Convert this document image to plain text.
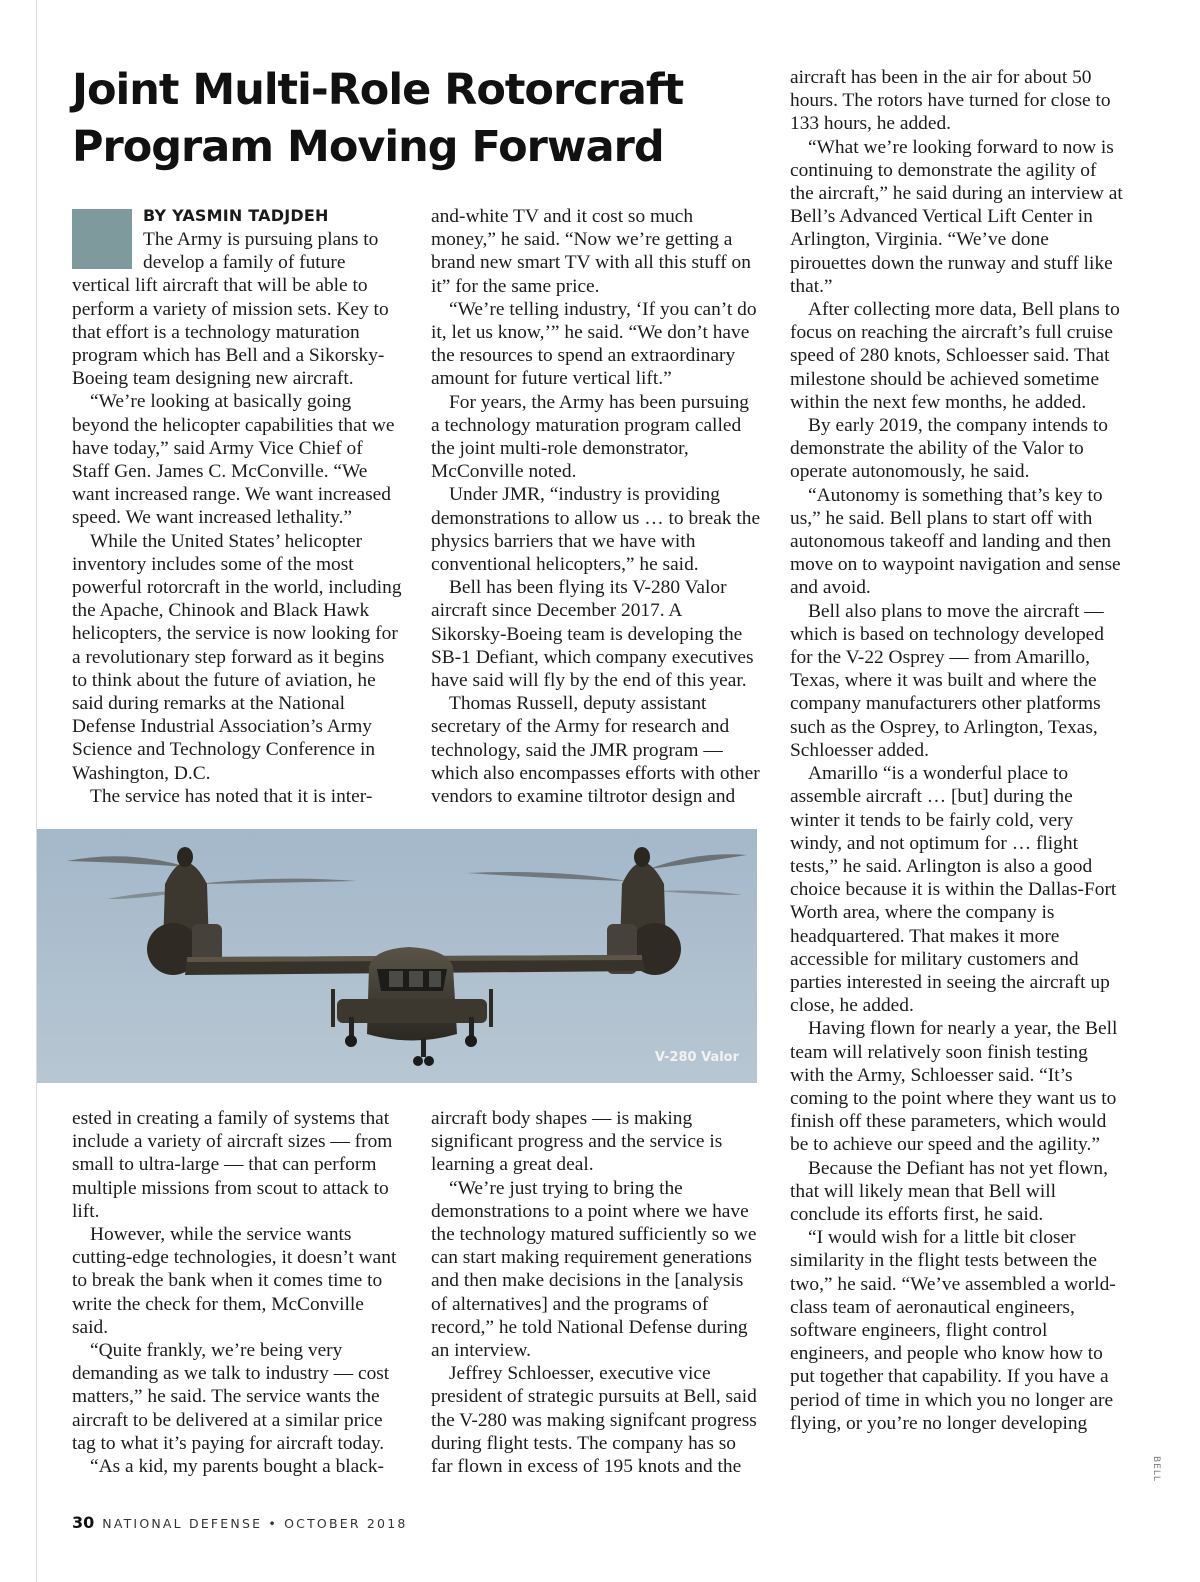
Joint Multi-Role Rotorcraft Program Moving Forward
BY YASMIN TADJDEH

The Army is pursuing plans to develop a family of future vertical lift aircraft that will be able to perform a variety of mission sets. Key to that effort is a technology maturation program which has Bell and a Sikorsky-Boeing team designing new aircraft.

“We’re looking at basically going beyond the helicopter capabilities that we have today,” said Army Vice Chief of Staff Gen. James C. McConville. “We want increased range. We want increased speed. We want increased lethality.”

While the United States’ helicopter inventory includes some of the most powerful rotorcraft in the world, including the Apache, Chinook and Black Hawk helicopters, the service is now looking for a revolutionary step forward as it begins to think about the future of aviation, he said during remarks at the National Defense Industrial Association’s Army Science and Technology Conference in Washington, D.C.

The service has noted that it is inter-

and-white TV and it cost so much money,” he said. “Now we’re getting a brand new smart TV with all this stuff on it” for the same price.

“We’re telling industry, ‘If you can’t do it, let us know,’” he said. “We don’t have the resources to spend an extraordinary amount for future vertical lift.”

For years, the Army has been pursuing a technology maturation program called the joint multi-role demonstrator, McConville noted.

Under JMR, “industry is providing demonstrations to allow us … to break the physics barriers that we have with conventional helicopters,” he said.

Bell has been flying its V-280 Valor aircraft since December 2017. A Sikorsky-Boeing team is developing the SB-1 Defiant, which company executives have said will fly by the end of this year.

Thomas Russell, deputy assistant secretary of the Army for research and technology, said the JMR program — which also encompasses efforts with other vendors to examine tiltrotor design and

V-280 Valor

ested in creating a family of systems that include a variety of aircraft sizes — from small to ultra-large — that can perform multiple missions from scout to attack to lift.

However, while the service wants cutting-edge technologies, it doesn’t want to break the bank when it comes time to write the check for them, McConville said.

“Quite frankly, we’re being very demanding as we talk to industry — cost matters,” he said. The service wants the aircraft to be delivered at a similar price tag to what it’s paying for aircraft today.

“As a kid, my parents bought a black-

aircraft body shapes — is making significant progress and the service is learning a great deal.

“We’re just trying to bring the demonstrations to a point where we have the technology matured sufficiently so we can start making requirement generations and then make decisions in the [analysis of alternatives] and the programs of record,” he told National Defense during an interview.

Jeffrey Schloesser, executive vice president of strategic pursuits at Bell, said the V-280 was making signifcant progress during flight tests. The company has so far flown in excess of 195 knots and the

aircraft has been in the air for about 50 hours. The rotors have turned for close to 133 hours, he added.

“What we’re looking forward to now is continuing to demonstrate the agility of the aircraft,” he said during an interview at Bell’s Advanced Vertical Lift Center in Arlington, Virginia. “We’ve done pirouettes down the runway and stuff like that.”

After collecting more data, Bell plans to focus on reaching the aircraft’s full cruise speed of 280 knots, Schloesser said. That milestone should be achieved sometime within the next few months, he added.

By early 2019, the company intends to demonstrate the ability of the Valor to operate autonomously, he said.

“Autonomy is something that’s key to us,” he said. Bell plans to start off with autonomous takeoff and landing and then move on to waypoint navigation and sense and avoid.

Bell also plans to move the aircraft — which is based on technology developed for the V-22 Osprey — from Amarillo, Texas, where it was built and where the company manufacturers other platforms such as the Osprey, to Arlington, Texas, Schloesser added.

Amarillo “is a wonderful place to assemble aircraft … [but] during the winter it tends to be fairly cold, very windy, and not optimum for … flight tests,” he said. Arlington is also a good choice because it is within the Dallas-Fort Worth area, where the company is headquartered. That makes it more accessible for military customers and parties interested in seeing the aircraft up close, he added.

Having flown for nearly a year, the Bell team will relatively soon finish testing with the Army, Schloesser said. “It’s coming to the point where they want us to finish off these parameters, which would be to achieve our speed and the agility.”

Because the Defiant has not yet flown, that will likely mean that Bell will conclude its efforts first, he said.

“I would wish for a little bit closer similarity in the flight tests between the two,” he said. “We’ve assembled a world-class team of aeronautical engineers, software engineers, flight control engineers, and people who know how to put together that capability. If you have a period of time in which you no longer are flying, or you’re no longer developing

BELL
30 NATIONAL DEFENSE • OCTOBER 2018
